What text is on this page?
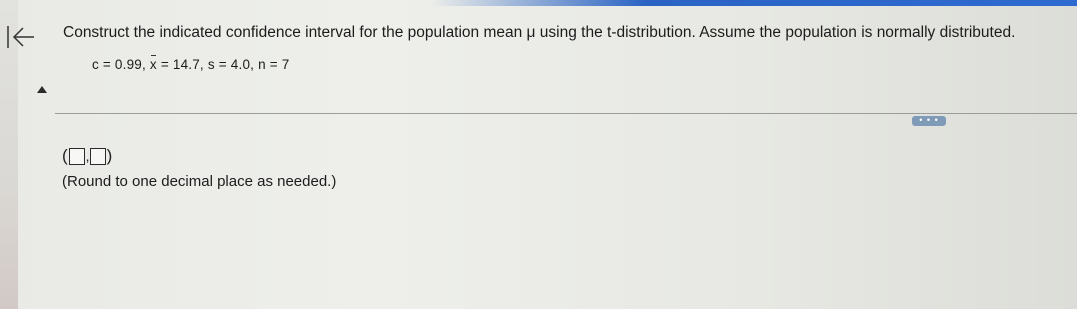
Construct the indicated confidence interval for the population mean μ using the t-distribution. Assume the population is normally distributed.
c = 0.99, x = 14.7, s = 4.0, n = 7
• • •
( , )
(Round to one decimal place as needed.)
